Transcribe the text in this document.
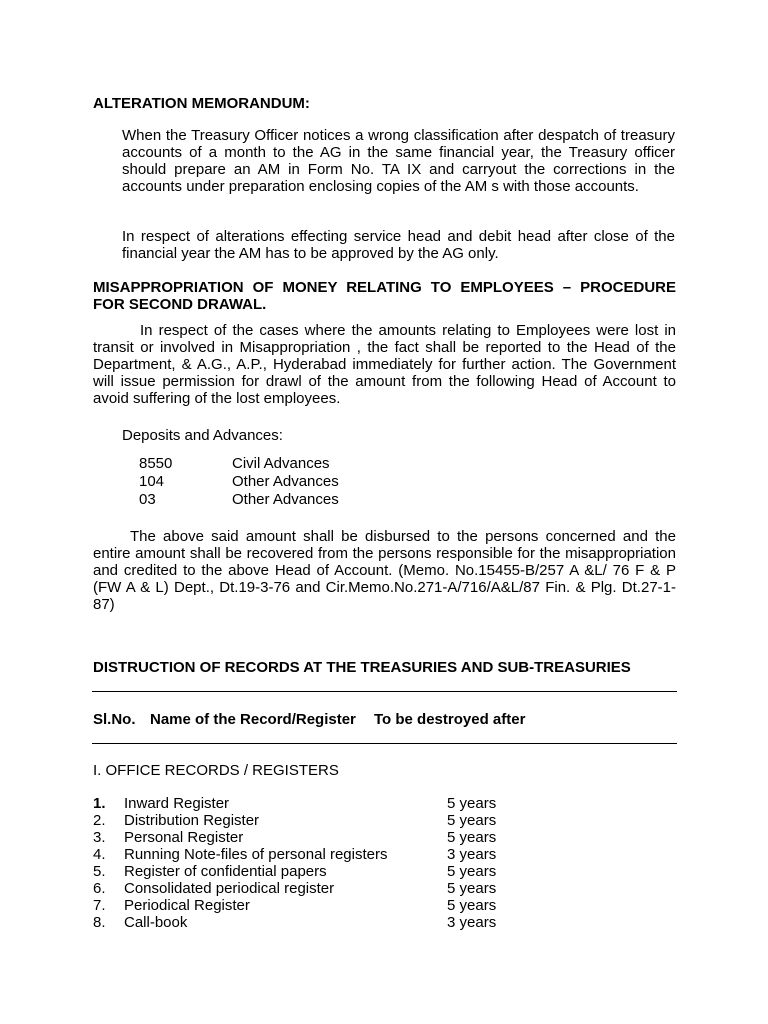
ALTERATION MEMORANDUM:

When the Treasury Officer notices a wrong classification after despatch of treasury accounts of a month to the AG in the same financial year, the Treasury officer should prepare an AM in Form No. TA IX and carryout the corrections in the accounts under preparation enclosing copies of the AM s with those accounts.

In respect of alterations effecting service head and debit head after close of the financial year the AM has to be approved by the AG only.

MISAPPROPRIATION OF MONEY RELATING TO EMPLOYEES – PROCEDURE FOR SECOND DRAWAL.

In respect of the cases where the amounts relating to Employees were lost in transit or involved in Misappropriation , the fact shall be reported to the Head of the Department, & A.G., A.P., Hyderabad immediately for further action. The Government will issue permission for drawl of the amount from the following Head of Account to avoid suffering of the lost employees.

Deposits and Advances:
8550	Civil Advances
104	Other Advances
03	Other Advances

The above said amount shall be disbursed to the persons concerned and the entire amount shall be recovered from the persons responsible for the misappropriation and credited to the above Head of Account. (Memo. No.15455-B/257 A &L/ 76 F & P (FW A & L) Dept., Dt.19-3-76 and Cir.Memo.No.271-A/716/A&L/87 Fin. & Plg. Dt.27-1-87)

DISTRUCTION OF RECORDS AT THE TREASURIES AND SUB-TREASURIES
Sl.No. Name of the Record/Register To be destroyed after
I. OFFICE RECORDS / REGISTERS
1. Inward Register	5 years
2. Distribution Register	5 years
3. Personal Register	5 years
4. Running Note-files of personal registers	3 years
5. Register of confidential papers	5 years
6. Consolidated periodical register	5 years
7. Periodical Register	5 years
8. Call-book	3 years
